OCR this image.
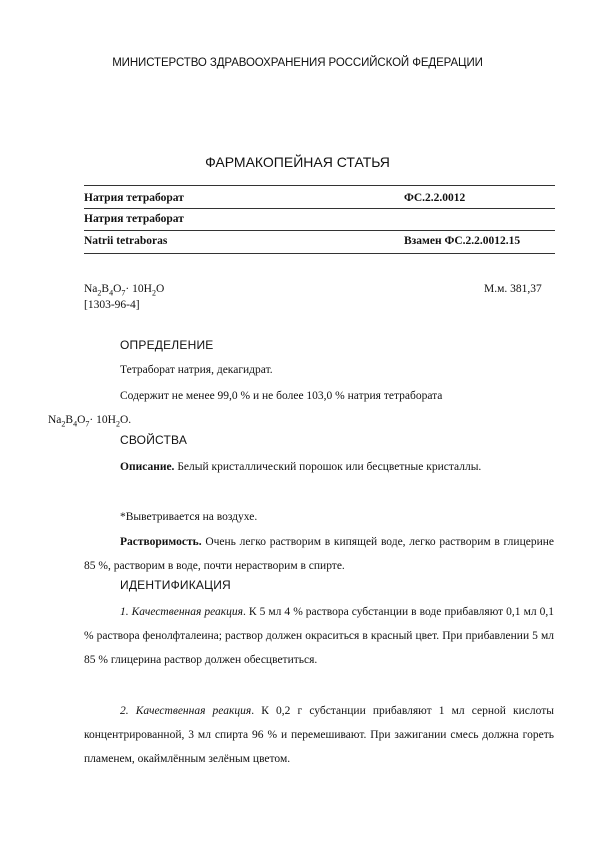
МИНИСТЕРСТВО ЗДРАВООХРАНЕНИЯ РОССИЙСКОЙ ФЕДЕРАЦИИ
ФАРМАКОПЕЙНАЯ СТАТЬЯ
Натрия тетраборат	ФС.2.2.0012
Натрия тетраборат
Natrii tetraboras	Взамен ФС.2.2.0012.15
$Na_2B_4O_7\cdot 10H_2O$	М.м. 381,37
[1303-96-4]
ОПРЕДЕЛЕНИЕ
Тетраборат натрия, декагидрат.
Содержит не менее 99,0 % и не более 103,0 % натрия тетрабората
$Na_2B_4O_7\cdot 10H_2O$.
СВОЙСТВА
Описание. Белый кристаллический порошок или бесцветные кристаллы.
*Выветривается на воздухе.
Растворимость. Очень легко растворим в кипящей воде, легко растворим в глицерине 85 %, растворим в воде, почти нерастворим в спирте.
ИДЕНТИФИКАЦИЯ
1. Качественная реакция. К 5 мл 4 % раствора субстанции в воде прибавляют 0,1 мл 0,1 % раствора фенолфталеина; раствор должен окраситься в красный цвет. При прибавлении 5 мл 85 % глицерина раствор должен обесцветиться.
2. Качественная реакция. К 0,2 г субстанции прибавляют 1 мл серной кислоты концентрированной, 3 мл спирта 96 % и перемешивают. При зажигании смесь должна гореть пламенем, окаймлённым зелёным цветом.
